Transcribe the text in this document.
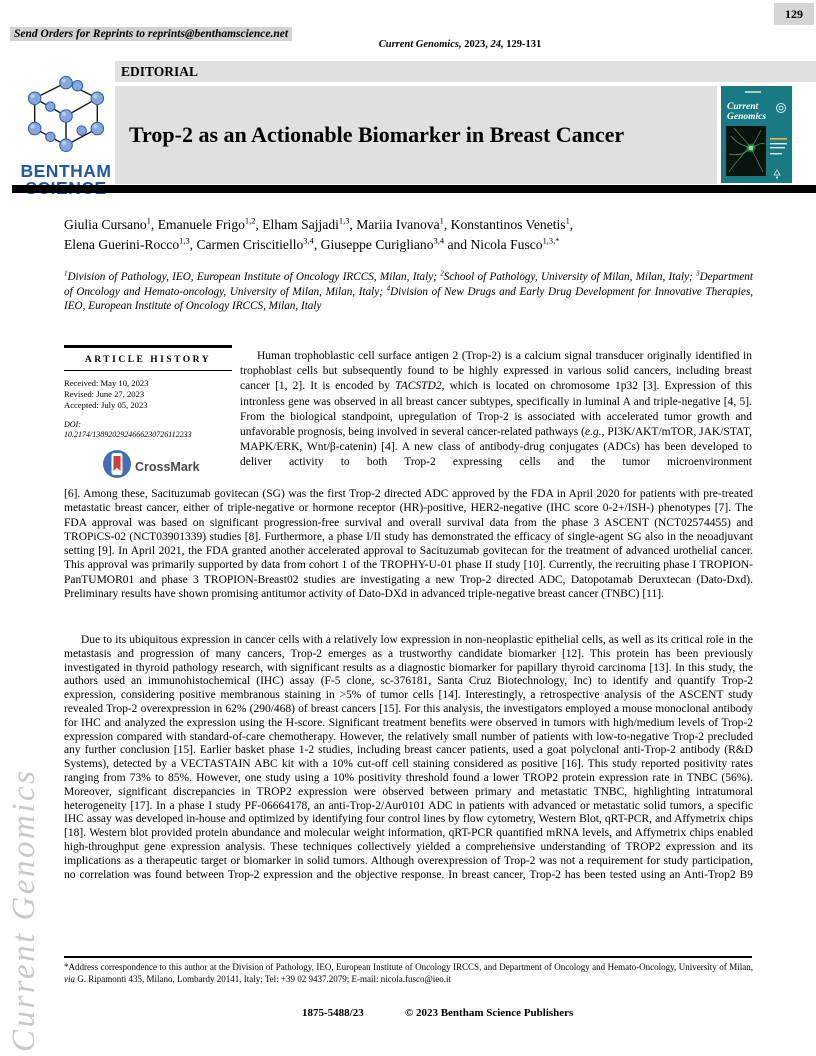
129
Send Orders for Reprints to reprints@benthamscience.net
Current Genomics, 2023, 24, 129-131
EDITORIAL
Trop-2 as an Actionable Biomarker in Breast Cancer
BENTHAM
Current
Genomics
Giulia Cursano$^1$, Emanuele Frigo$^{1,2}$, Elham Sajjadi$^{1,3}$, Mariia Ivanova$^1$, Konstantinos Venetis$^1$,
Elena Guerini-Rocco$^{1,3}$, Carmen Criscitiello$^{3,4}$, Giuseppe Curigliano$^{3,4}$ and Nicola Fusco$^{1,3,*}$
$^1$Division of Pathology, IEO, European Institute of Oncology IRCCS, Milan, Italy; $^2$School of Pathology, University of Milan, Milan, Italy; $^3$Department of Oncology and Hemato-oncology, University of Milan, Milan, Italy; $^4$Division of New Drugs and Early Drug Development for Innovative Therapies, IEO, European Institute of Oncology IRCCS, Milan, Italy
ARTICLE HISTORY
Received: May 10, 2023
Revised: June 27, 2023
Accepted: July 05, 2023
DOI:
10.2174/1389202924666230726112233
CrossMark
Human trophoblastic cell surface antigen 2 (Trop-2) is a calcium signal transducer originally identified in trophoblast cells but subsequently found to be highly expressed in various solid cancers, including breast cancer [1, 2]. It is encoded by TACSTD2, which is located on chromosome 1p32 [3]. Expression of this intronless gene was observed in all breast cancer subtypes, specifically in luminal A and triple-negative [4, 5]. From the biological standpoint, upregulation of Trop-2 is associated with accelerated tumor growth and unfavorable prognosis, being involved in several cancer-related pathways (e.g., PI3K/AKT/mTOR, JAK/STAT, MAPK/ERK, Wnt/β-catenin) [4]. A new class of antibody-drug conjugates (ADCs) has been developed to deliver activity to both Trop-2 expressing cells and the tumor microenvironment
[6]. Among these, Sacituzumab govitecan (SG) was the first Trop-2 directed ADC approved by the FDA in April 2020 for patients with pre-treated metastatic breast cancer, either of triple-negative or hormone receptor (HR)-positive, HER2-negative (IHC score 0-2+/ISH-) phenotypes [7]. The FDA approval was based on significant progression-free survival and overall survival data from the phase 3 ASCENT (NCT02574455) and TROPiCS-02 (NCT03901339) studies [8]. Furthermore, a phase I/II study has demonstrated the efficacy of single-agent SG also in the neoadjuvant setting [9]. In April 2021, the FDA granted another accelerated approval to Sacituzumab govitecan for the treatment of advanced urothelial cancer. This approval was primarily supported by data from cohort 1 of the TROPHY-U-01 phase II study [10]. Currently, the recruiting phase I TROPION-PanTUMOR01 and phase 3 TROPION-Breast02 studies are investigating a new Trop-2 directed ADC, Datopotamab Deruxtecan (Dato-Dxd). Preliminary results have shown promising antitumor activity of Dato-DXd in advanced triple-negative breast cancer (TNBC) [11].
Due to its ubiquitous expression in cancer cells with a relatively low expression in non-neoplastic epithelial cells, as well as its critical role in the metastasis and progression of many cancers, Trop-2 emerges as a trustworthy candidate biomarker [12]. This protein has been previously investigated in thyroid pathology research, with significant results as a diagnostic biomarker for papillary thyroid carcinoma [13]. In this study, the authors used an immunohistochemical (IHC) assay (F-5 clone, sc-376181, Santa Cruz Biotechnology, Inc) to identify and quantify Trop-2 expression, considering positive membranous staining in >5% of tumor cells [14]. Interestingly, a retrospective analysis of the ASCENT study revealed Trop-2 overexpression in 62% (290/468) of breast cancers [15]. For this analysis, the investigators employed a mouse monoclonal antibody for IHC and analyzed the expression using the H-score. Significant treatment benefits were observed in tumors with high/medium levels of Trop-2 expression compared with standard-of-care chemotherapy. However, the relatively small number of patients with low-to-negative Trop-2 precluded any further conclusion [15]. Earlier basket phase 1-2 studies, including breast cancer patients, used a goat polyclonal anti-Trop-2 antibody (R&D Systems), detected by a VECTASTAIN ABC kit with a 10% cut-off cell staining considered as positive [16]. This study reported positivity rates ranging from 73% to 85%. However, one study using a 10% positivity threshold found a lower TROP2 protein expression rate in TNBC (56%). Moreover, significant discrepancies in TROP2 expression were observed between primary and metastatic TNBC, highlighting intratumoral heterogeneity [17]. In a phase I study PF-06664178, an anti-Trop-2/Aur0101 ADC in patients with advanced or metastatic solid tumors, a specific IHC assay was developed in-house and optimized by identifying four control lines by flow cytometry, Western Blot, qRT-PCR, and Affymetrix chips [18]. Western blot provided protein abundance and molecular weight information, qRT-PCR quantified mRNA levels, and Affymetrix chips enabled high-throughput gene expression analysis. These techniques collectively yielded a comprehensive understanding of TROP2 expression and its implications as a therapeutic target or biomarker in solid tumors. Although overexpression of Trop-2 was not a requirement for study participation, no correlation was found between Trop-2 expression and the objective response. In breast cancer, Trop-2 has been tested using an Anti-Trop2 B9
*Address correspondence to this author at the Division of Pathology, IEO, European Institute of Oncology IRCCS, and Department of Oncology and Hemato-Oncology, University of Milan, via G. Ripamonti 435, Milano, Lombardy 20141, Italy; Tel: +39 02 9437.2079; E-mail: nicola.fusco@ieo.it
1875-5488/23	© 2023 Bentham Science Publishers
Current Genomics
